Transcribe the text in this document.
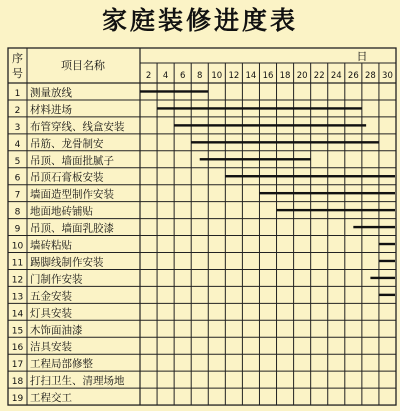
家庭装修进度表
序
号
项目名称
日
2 4 6 8 10 12 14 16 18 20 22 24 26 28 30
1 测量放线
2 材料进场
3 布管穿线、线盒安装
4 吊筋、龙骨制安
5 吊顶、墙面批腻子
6 吊顶石膏板安装
7 墙面造型制作安装
8 地面地砖铺贴
9 吊顶、墙面乳胶漆
10 墙砖粘贴
11 踢脚线制作安装
12 门制作安装
13 五金安装
14 灯具安装
15 木饰面油漆
16 洁具安装
17 工程局部修整
18 打扫卫生、清理场地
19 工程交工
